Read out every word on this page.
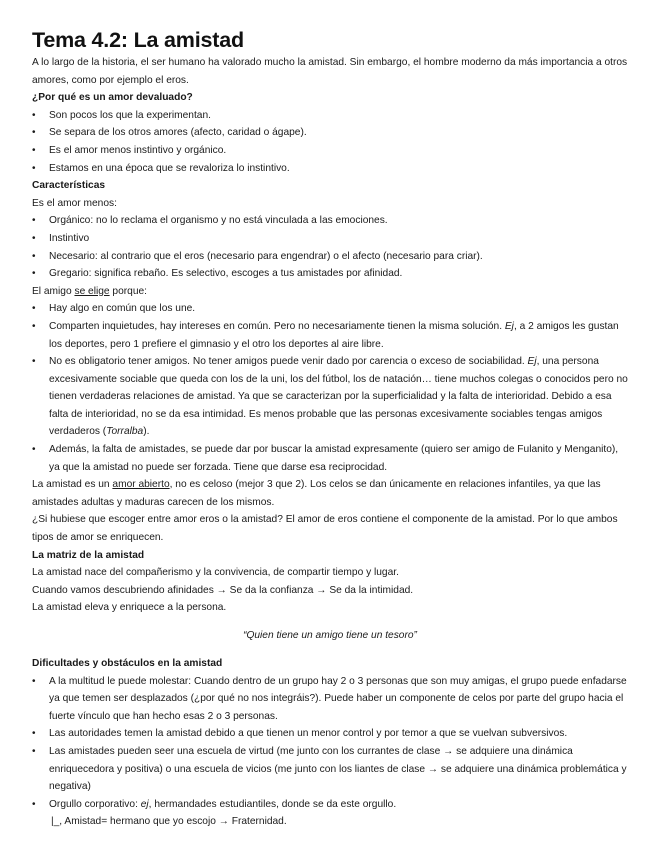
Tema 4.2: La amistad

A lo largo de la historia, el ser humano ha valorado mucho la amistad. Sin embargo, el hombre moderno da más importancia a otros amores, como por ejemplo el eros.

¿Por qué es un amor devaluado?

• Son pocos los que la experimentan.
• Se separa de los otros amores (afecto, caridad o ágape).
• Es el amor menos instintivo y orgánico.
• Estamos en una época que se revaloriza lo instintivo.

Características

Es el amor menos:

• Orgánico: no lo reclama el organismo y no está vinculada a las emociones.
• Instintivo
• Necesario: al contrario que el eros (necesario para engendrar) o el afecto (necesario para criar).
• Gregario: significa rebaño. Es selectivo, escoges a tus amistades por afinidad.

El amigo se elige porque:

• Hay algo en común que los une.
• Comparten inquietudes, hay intereses en común. Pero no necesariamente tienen la misma solución. Ej, a 2 amigos les gustan los deportes, pero 1 prefiere el gimnasio y el otro los deportes al aire libre.
• No es obligatorio tener amigos. No tener amigos puede venir dado por carencia o exceso de sociabilidad. Ej, una persona excesivamente sociable que queda con los de la uni, los del fútbol, los de natación… tiene muchos colegas o conocidos pero no tienen verdaderas relaciones de amistad. Ya que se caracterizan por la superficialidad y la falta de interioridad. Debido a esa falta de interioridad, no se da esa intimidad. Es menos probable que las personas excesivamente sociables tengas amigos verdaderos (Torralba).
• Además, la falta de amistades, se puede dar por buscar la amistad expresamente (quiero ser amigo de Fulanito y Menganito), ya que la amistad no puede ser forzada. Tiene que darse esa reciprocidad.

La amistad es un amor abierto, no es celoso (mejor 3 que 2). Los celos se dan únicamente en relaciones infantiles, ya que las amistades adultas y maduras carecen de los mismos.

¿Si hubiese que escoger entre amor eros o la amistad? El amor de eros contiene el componente de la amistad. Por lo que ambos tipos de amor se enriquecen.

La matriz de la amistad

La amistad nace del compañerismo y la convivencia, de compartir tiempo y lugar.

Cuando vamos descubriendo afinidades → Se da la confianza → Se da la intimidad.

La amistad eleva y enriquece a la persona.

“Quien tiene un amigo tiene un tesoro”

Dificultades y obstáculos en la amistad

• A la multitud le puede molestar: Cuando dentro de un grupo hay 2 o 3 personas que son muy amigas, el grupo puede enfadarse ya que temen ser desplazados (¿por qué no nos integráis?). Puede haber un componente de celos por parte del grupo hacia el fuerte vínculo que han hecho esas 2 o 3 personas.
• Las autoridades temen la amistad debido a que tienen un menor control y por temor a que se vuelvan subversivos.
• Las amistades pueden seer una escuela de virtud (me junto con los currantes de clase → se adquiere una dinámica enriquecedora y positiva) o una escuela de vicios (me junto con los liantes de clase → se adquiere una dinámica problemática y negativa)
• Orgullo corporativo: ej, hermandades estudiantiles, donde se da este orgullo.
|_, Amistad= hermano que yo escojo → Fraternidad.
